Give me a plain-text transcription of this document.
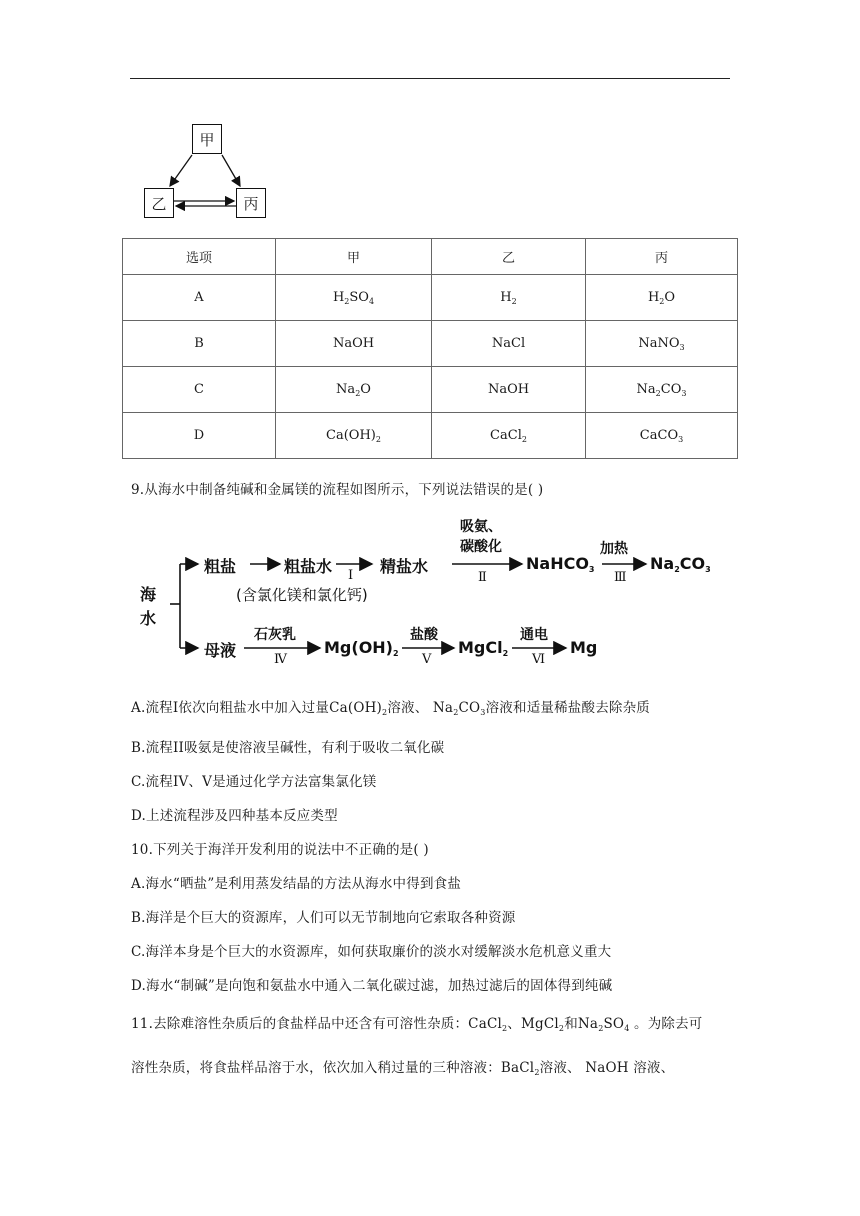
甲
乙	丙
选项	甲	乙	丙
A	$H_2SO_4$	$H_2$	$H_2O$
B	NaOH	NaCl	NaNO$_3$
C	$Na_2O$	NaOH	$Na_2CO_3$
D	$Ca(OH)_2$	CaCl$_2$	CaCO$_3$
9.从海水中制备纯碱和金属镁的流程如图所示，下列说法错误的是( )
海
水
粗盐	粗盐水
(含氯化镁和氯化钙)
Ⅰ 精盐水
吸氨、
碳酸化
Ⅱ
NaHCO$_3$
加热
Ⅲ
$Na_2CO_3$
母液
石灰乳
Ⅳ
$Mg(OH)_2$
盐酸
Ⅴ
MgCl$_2$
通电
Ⅵ
Mg
A.流程I依次向粗盐水中加入过量$Ca(OH)_2$溶液、 $Na_2CO_3$溶液和适量稀盐酸去除杂质
B.流程II吸氨是使溶液呈碱性，有利于吸收二氧化碳
C.流程IV、V是通过化学方法富集氯化镁
D.上述流程涉及四种基本反应类型
10.下列关于海洋开发利用的说法中不正确的是( )
A.海水“晒盐”是利用蒸发结晶的方法从海水中得到食盐
B.海洋是个巨大的资源库，人们可以无节制地向它索取各种资源
C.海洋本身是个巨大的水资源库，如何获取廉价的淡水对缓解淡水危机意义重大
D.海水“制碱”是向饱和氨盐水中通入二氧化碳过滤，加热过滤后的固体得到纯碱
11.去除难溶性杂质后的食盐样品中还含有可溶性杂质：CaCl$_2$、MgCl$_2$和$Na_2SO_4$ 。为除去可
溶性杂质，将食盐样品溶于水，依次加入稍过量的三种溶液：BaCl$_2$溶液、 NaOH 溶液、
